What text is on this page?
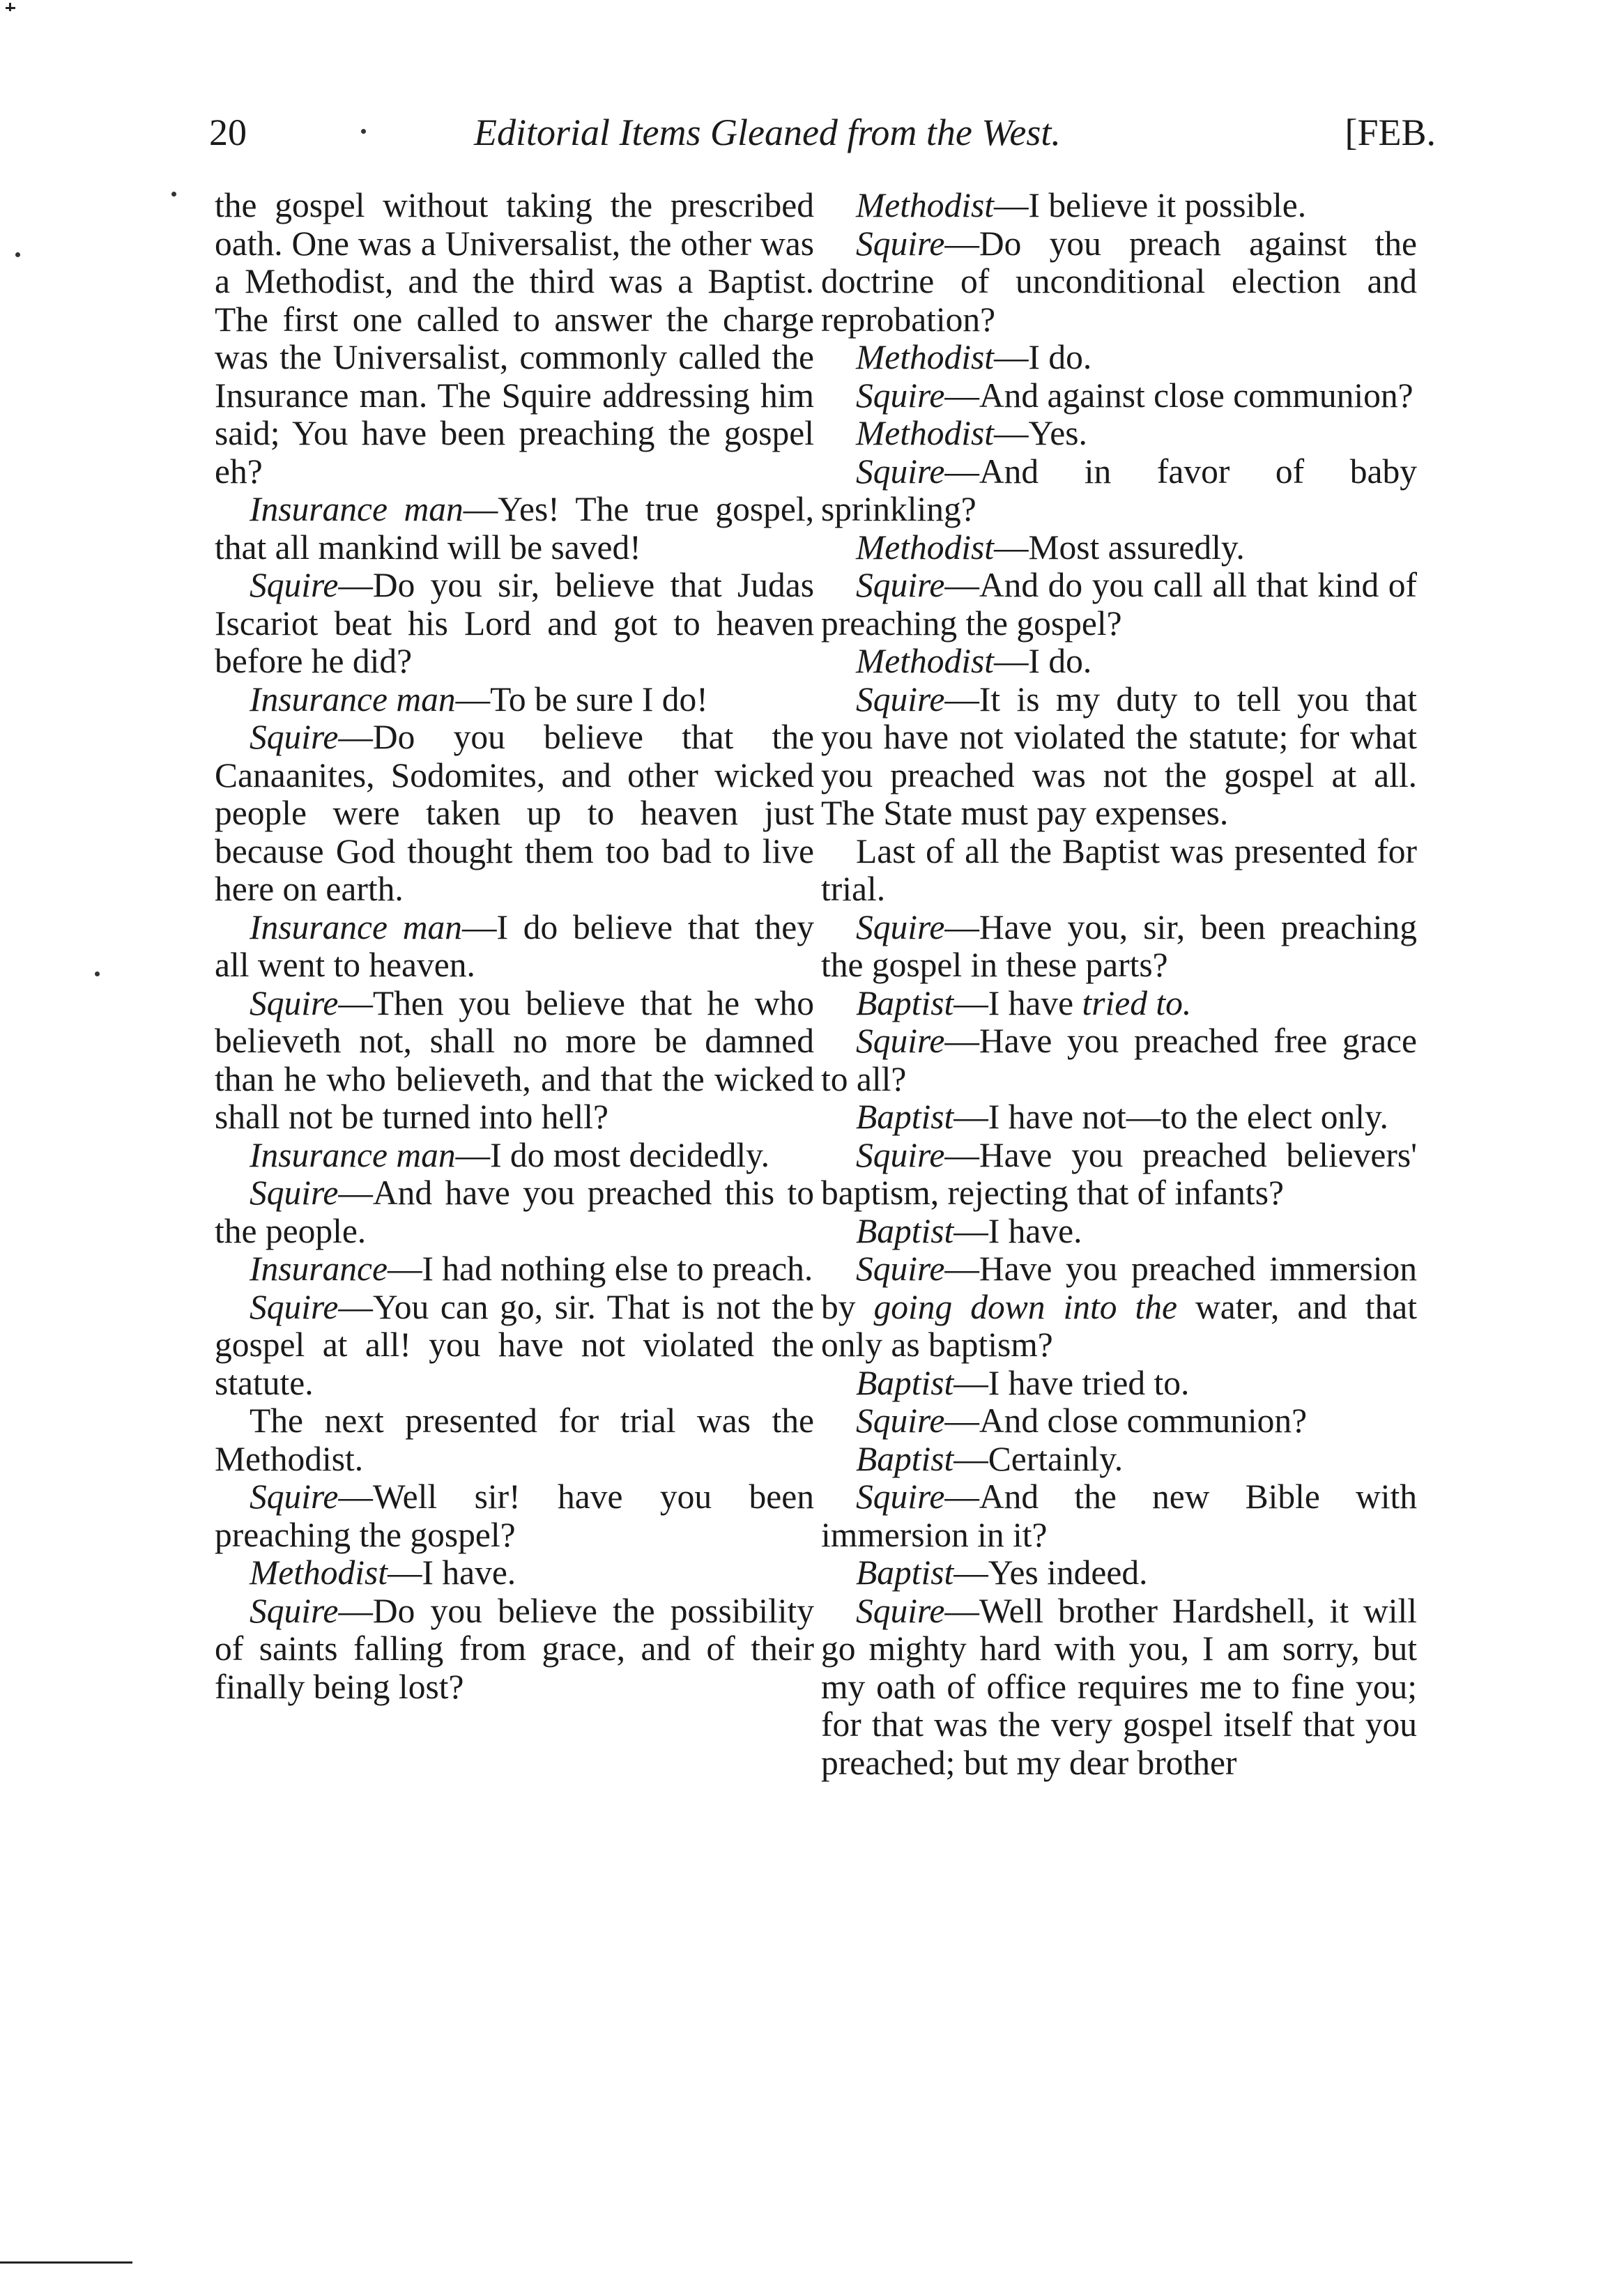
20	Editorial Items Gleaned from the West.	[FEB.

the gospel without taking the prescribed oath. One was a Universalist, the other was a Methodist, and the third was a Baptist. The first one called to answer the charge was the Universalist, commonly called the Insurance man. The Squire addressing him said; You have been preaching the gospel eh?

Insurance man—Yes! The true gospel, that all mankind will be saved!

Squire—Do you sir, believe that Judas Iscariot beat his Lord and got to heaven before he did?

Insurance man—To be sure I do!

Squire—Do you believe that the Canaanites, Sodomites, and other wicked people were taken up to heaven just because God thought them too bad to live here on earth.

Insurance man—I do believe that they all went to heaven.

Squire—Then you believe that he who believeth not, shall no more be damned than he who believeth, and that the wicked shall not be turned into hell?

Insurance man—I do most decidedly.

Squire—And have you preached this to the people.

Insurance—I had nothing else to preach.

Squire—You can go, sir. That is not the gospel at all! you have not violated the statute.

The next presented for trial was the Methodist.

Squire—Well sir! have you been preaching the gospel?

Methodist—I have.

Squire—Do you believe the possibility of saints falling from grace, and of their finally being lost?

Methodist—I believe it possible.

Squire—Do you preach against the doctrine of unconditional election and reprobation?

Methodist—I do.

Squire—And against close communion?

Methodist—Yes.

Squire—And in favor of baby sprinkling?

Methodist—Most assuredly.

Squire—And do you call all that kind of preaching the gospel?

Methodist—I do.

Squire—It is my duty to tell you that you have not violated the statute; for what you preached was not the gospel at all. The State must pay expenses.

Last of all the Baptist was presented for trial.

Squire—Have you, sir, been preaching the gospel in these parts?

Baptist—I have tried to.

Squire—Have you preached free grace to all?

Baptist—I have not—to the elect only.

Squire—Have you preached believers' baptism, rejecting that of infants?

Baptist—I have.

Squire—Have you preached immersion by going down into the water, and that only as baptism?

Baptist—I have tried to.

Squire—And close communion?

Baptist—Certainly.

Squire—And the new Bible with immersion in it?

Baptist—Yes indeed.

Squire—Well brother Hardshell, it will go mighty hard with you, I am sorry, but my oath of office requires me to fine you; for that was the very gospel itself that you preached; but my dear brother
